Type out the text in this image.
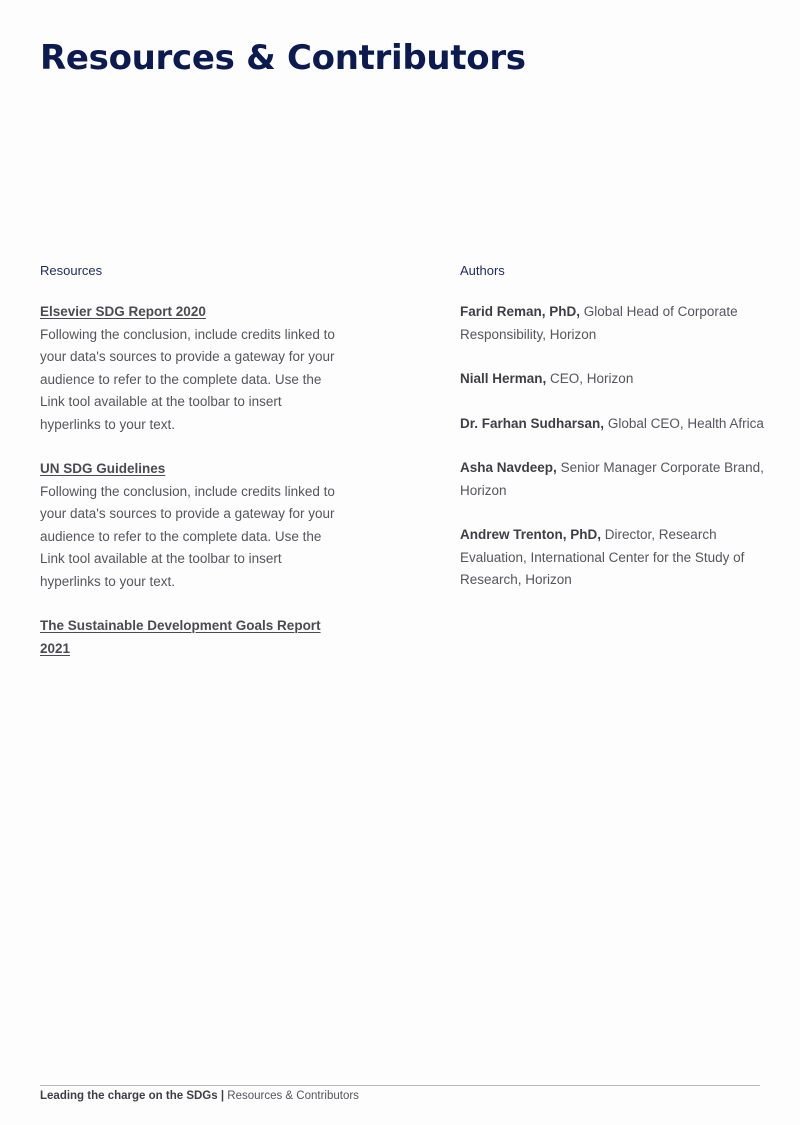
Resources & Contributors
Resources
Elsevier SDG Report 2020
Following the conclusion, include credits linked to your data's sources to provide a gateway for your audience to refer to the complete data. Use the Link tool available at the toolbar to insert hyperlinks to your text.
UN SDG Guidelines
Following the conclusion, include credits linked to your data's sources to provide a gateway for your audience to refer to the complete data. Use the Link tool available at the toolbar to insert hyperlinks to your text.
The Sustainable Development Goals Report 2021
Authors
Farid Reman, PhD, Global Head of Corporate Responsibility, Horizon
Niall Herman, CEO, Horizon
Dr. Farhan Sudharsan, Global CEO, Health Africa
Asha Navdeep, Senior Manager Corporate Brand, Horizon
Andrew Trenton, PhD, Director, Research Evaluation, International Center for the Study of Research, Horizon
Leading the charge on the SDGs | Resources & Contributors
